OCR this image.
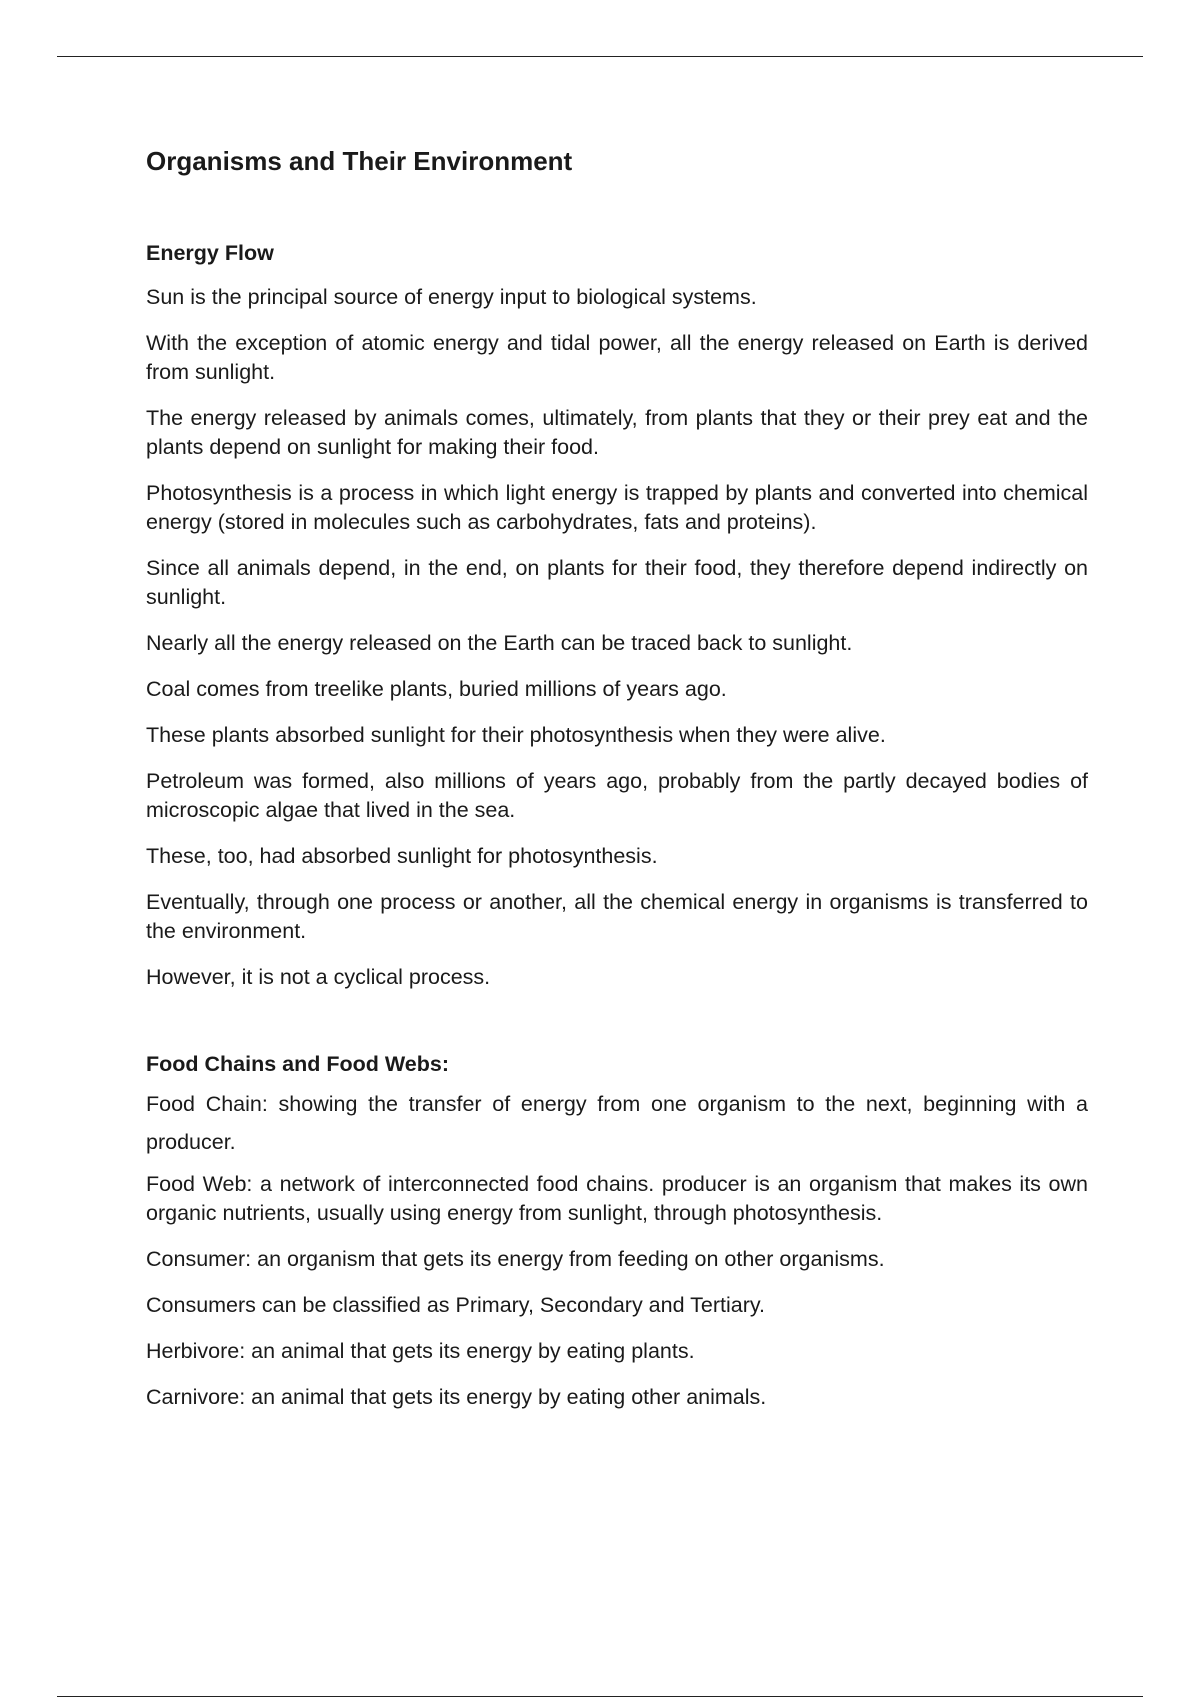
Organisms and Their Environment
Energy Flow

Sun is the principal source of energy input to biological systems.

With the exception of atomic energy and tidal power, all the energy released on Earth is derived from sunlight.

The energy released by animals comes, ultimately, from plants that they or their prey eat and the plants depend on sunlight for making their food.

Photosynthesis is a process in which light energy is trapped by plants and converted into chemical energy (stored in molecules such as carbohydrates, fats and proteins).

Since all animals depend, in the end, on plants for their food, they therefore depend indirectly on sunlight.

Nearly all the energy released on the Earth can be traced back to sunlight.

Coal comes from treelike plants, buried millions of years ago.

These plants absorbed sunlight for their photosynthesis when they were alive.

Petroleum was formed, also millions of years ago, probably from the partly decayed bodies of microscopic algae that lived in the sea.

These, too, had absorbed sunlight for photosynthesis.

Eventually, through one process or another, all the chemical energy in organisms is transferred to the environment.

However, it is not a cyclical process.

Food Chains and Food Webs:

Food Chain: showing the transfer of energy from one organism to the next, beginning with a producer.

Food Web: a network of interconnected food chains. producer is an organism that makes its own organic nutrients, usually using energy from sunlight, through photosynthesis.

Consumer: an organism that gets its energy from feeding on other organisms.

Consumers can be classified as Primary, Secondary and Tertiary.

Herbivore: an animal that gets its energy by eating plants.

Carnivore: an animal that gets its energy by eating other animals.
